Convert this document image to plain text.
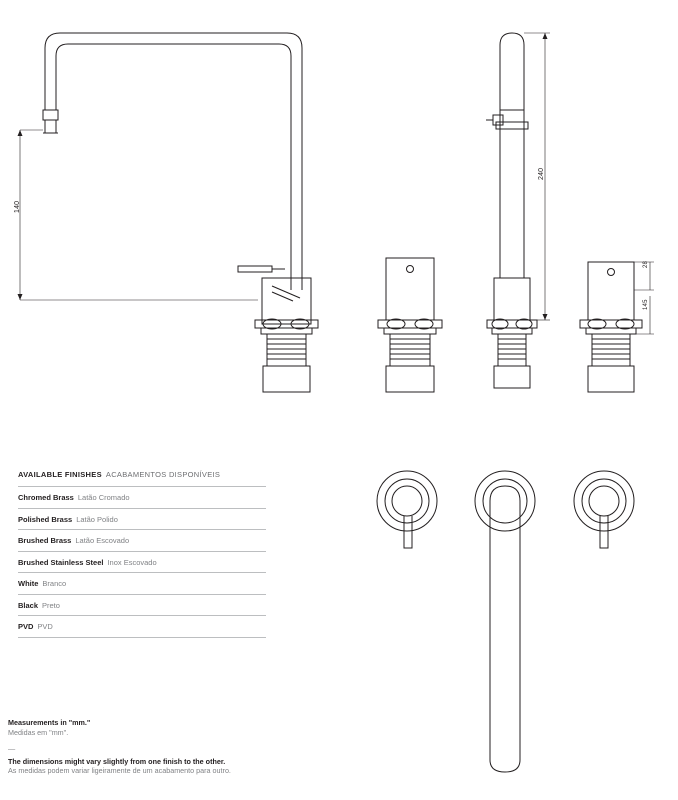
140
240
28
145
AVAILABLE FINISHES ACABAMENTOS DISPONÍVEIS
Chromed Brass Latão Cromado
Polished Brass Latão Polido
Brushed Brass Latão Escovado
Brushed Stainless Steel Inox Escovado
White Branco
Black Preto
PVD PVD
Measurements in "mm."
Medidas em "mm".
—
The dimensions might vary slightly from one finish to the other.
As medidas podem variar ligeiramente de um acabamento para outro.
